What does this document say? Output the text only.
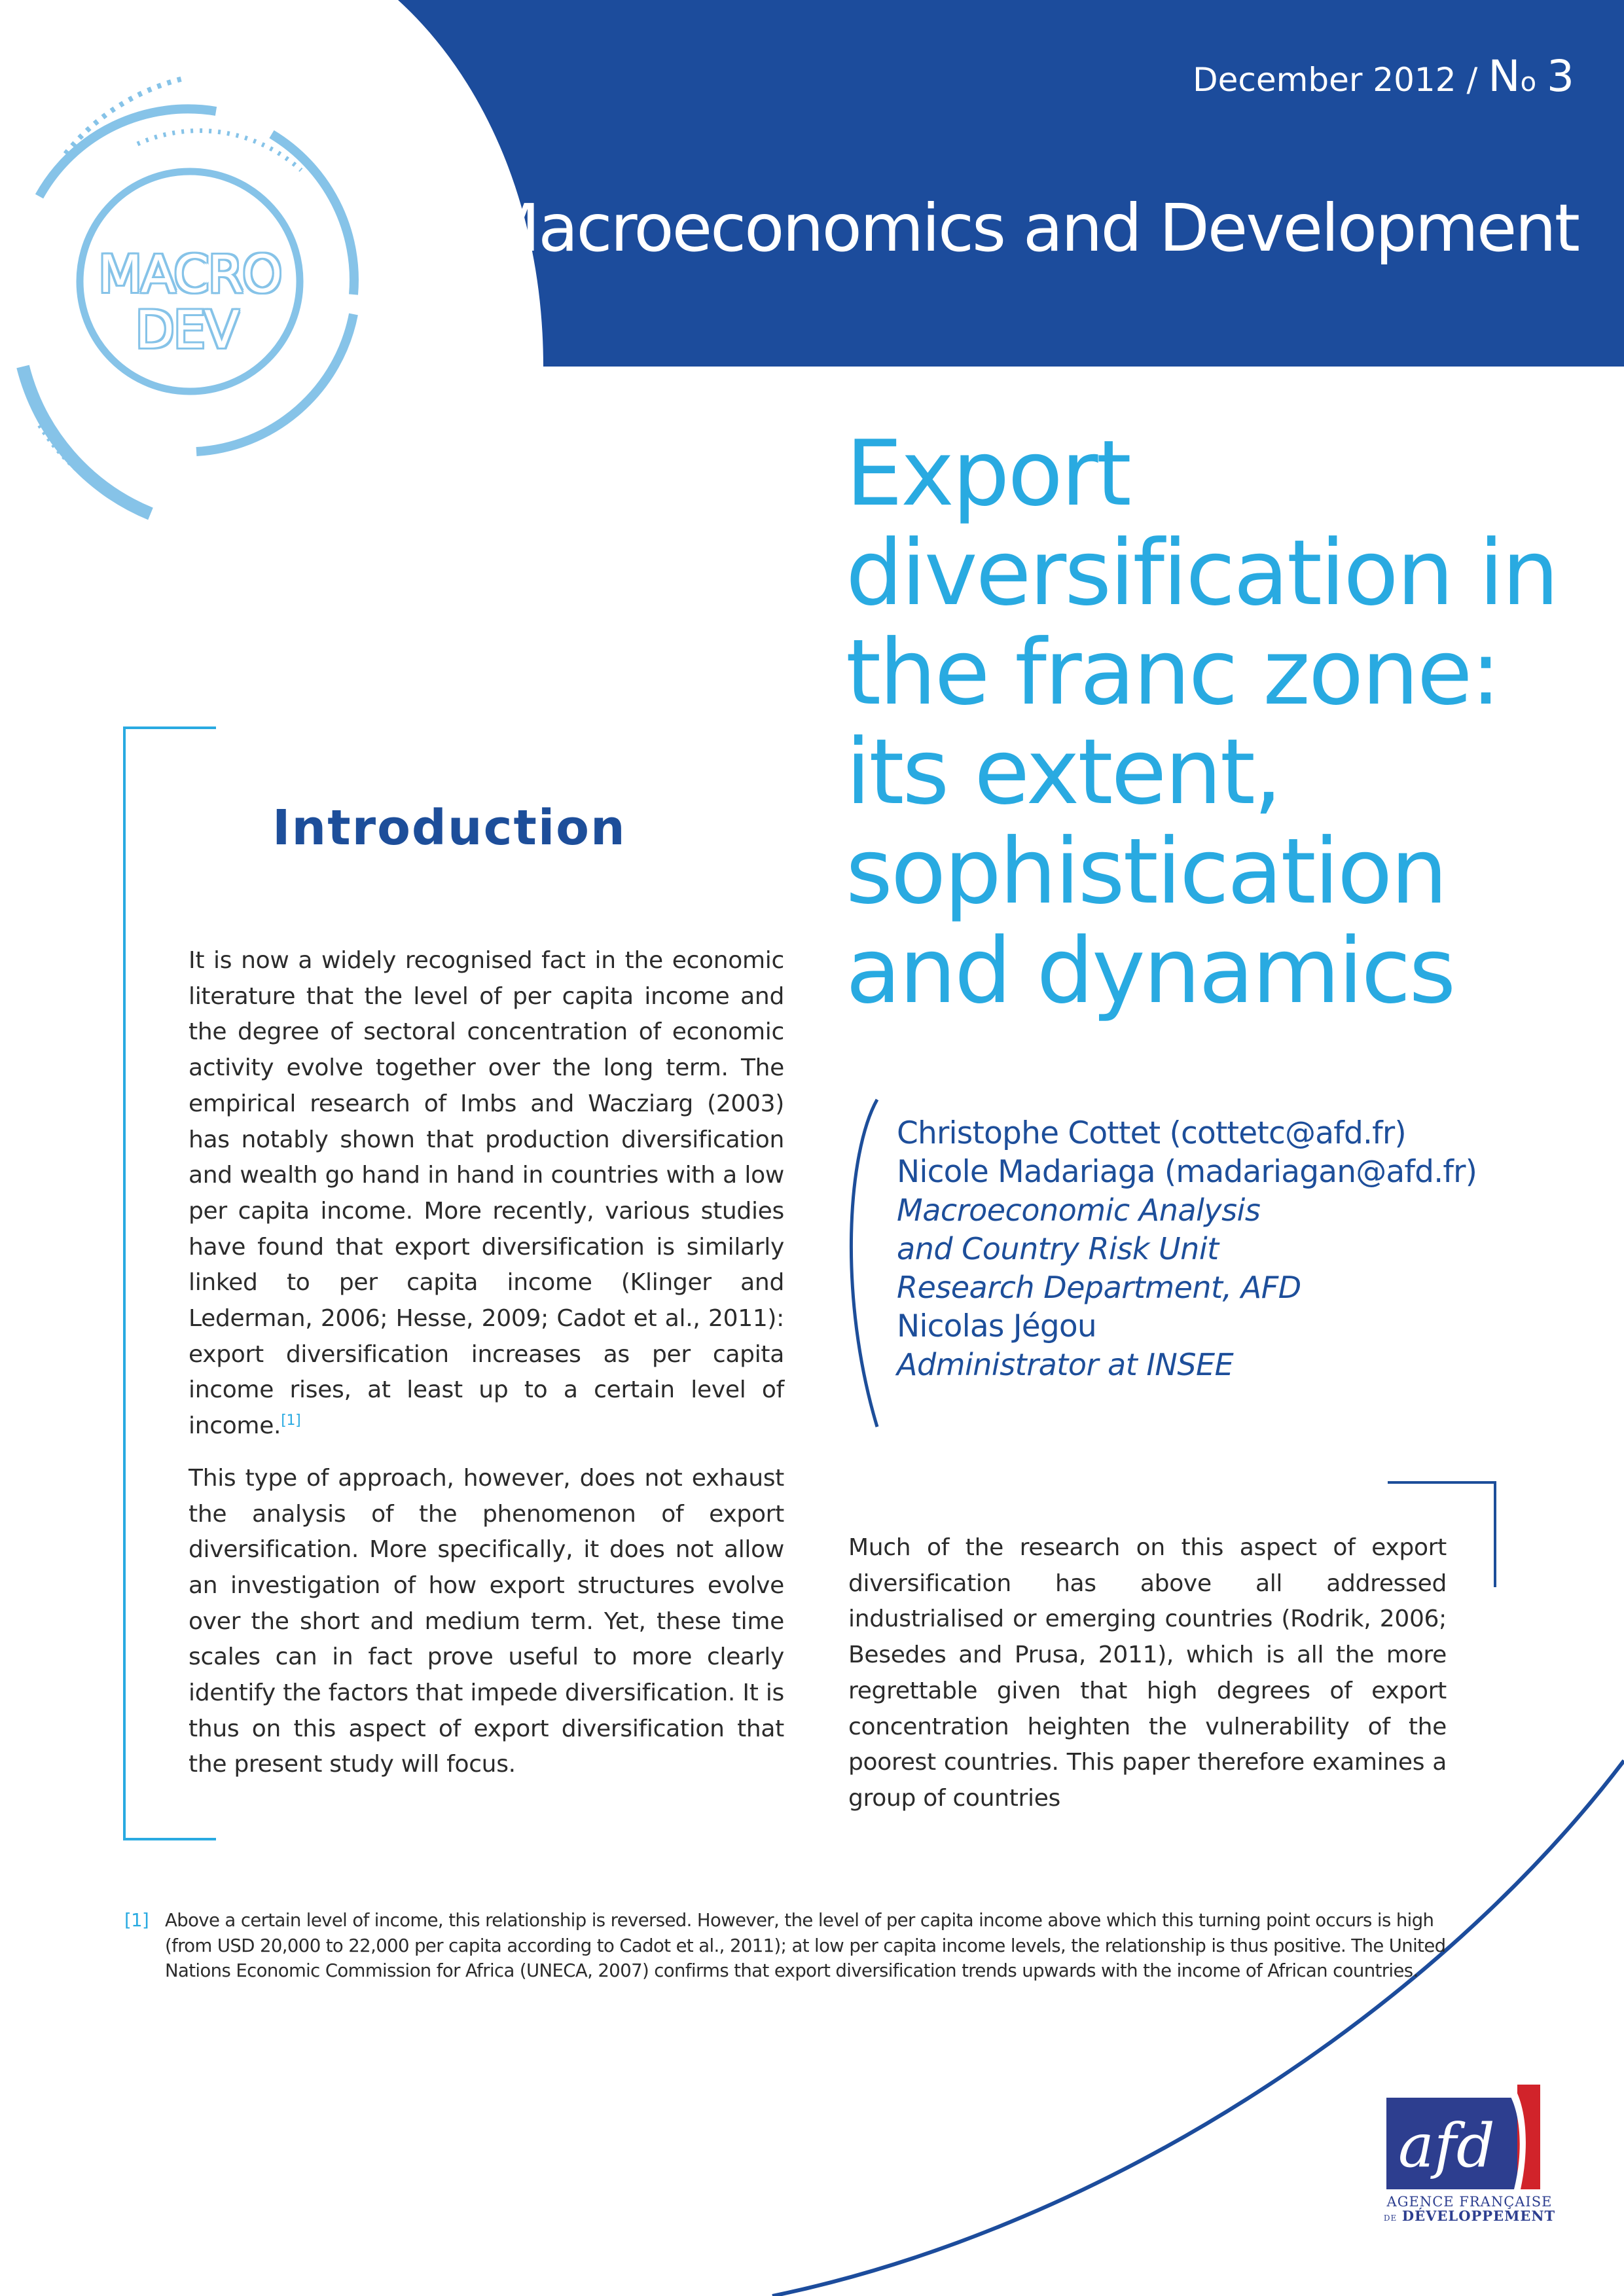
December 2012 / No 3
Macroeconomics and Development
MACRO
DEV
Export
diversification in
the franc zone:
its extent,
sophistication
and dynamics
Christophe Cottet (cottetc@afd.fr)
Nicole Madariaga (madariagan@afd.fr)
Macroeconomic Analysis
and Country Risk Unit
Research Department, AFD
Nicolas Jégou
Administrator at INSEE
Introduction

It is now a widely recognised fact in the economic literature that the level of per capita income and the degree of sectoral concentration of economic activity evolve together over the long term. The empirical research of Imbs and Wacziarg (2003) has notably shown that production diversification and wealth go hand in hand in countries with a low per capita income. More recently, various studies have found that export diversification is similarly linked to per capita income (Klinger and Lederman, 2006; Hesse, 2009; Cadot et al., 2011): export diversification increases as per capita income rises, at least up to a certain level of income.[1]

This type of approach, however, does not exhaust the analysis of the phenomenon of export diversification. More specifically, it does not allow an investigation of how export structures evolve over the short and medium term. Yet, these time scales can in fact prove useful to more clearly identify the factors that impede diversification. It is thus on this aspect of export diversification that the present study will focus.

Much of the research on this aspect of export diversification has above all addressed industrialised or emerging countries (Rodrik, 2006; Besedes and Prusa, 2011), which is all the more regrettable given that high degrees of export concentration heighten the vulnerability of the poorest countries. This paper therefore examines a group of countries

[1] Above a certain level of income, this relationship is reversed. However, the level of per capita income above which this turning point occurs is high (from USD 20,000 to 22,000 per capita according to Cadot et al., 2011); at low per capita income levels, the relationship is thus positive. The United Nations Economic Commission for Africa (UNECA, 2007) confirms that export diversification trends upwards with the income of African countries.
afd
AGENCE FRANÇAISE
DE DÉVELOPPEMENT
